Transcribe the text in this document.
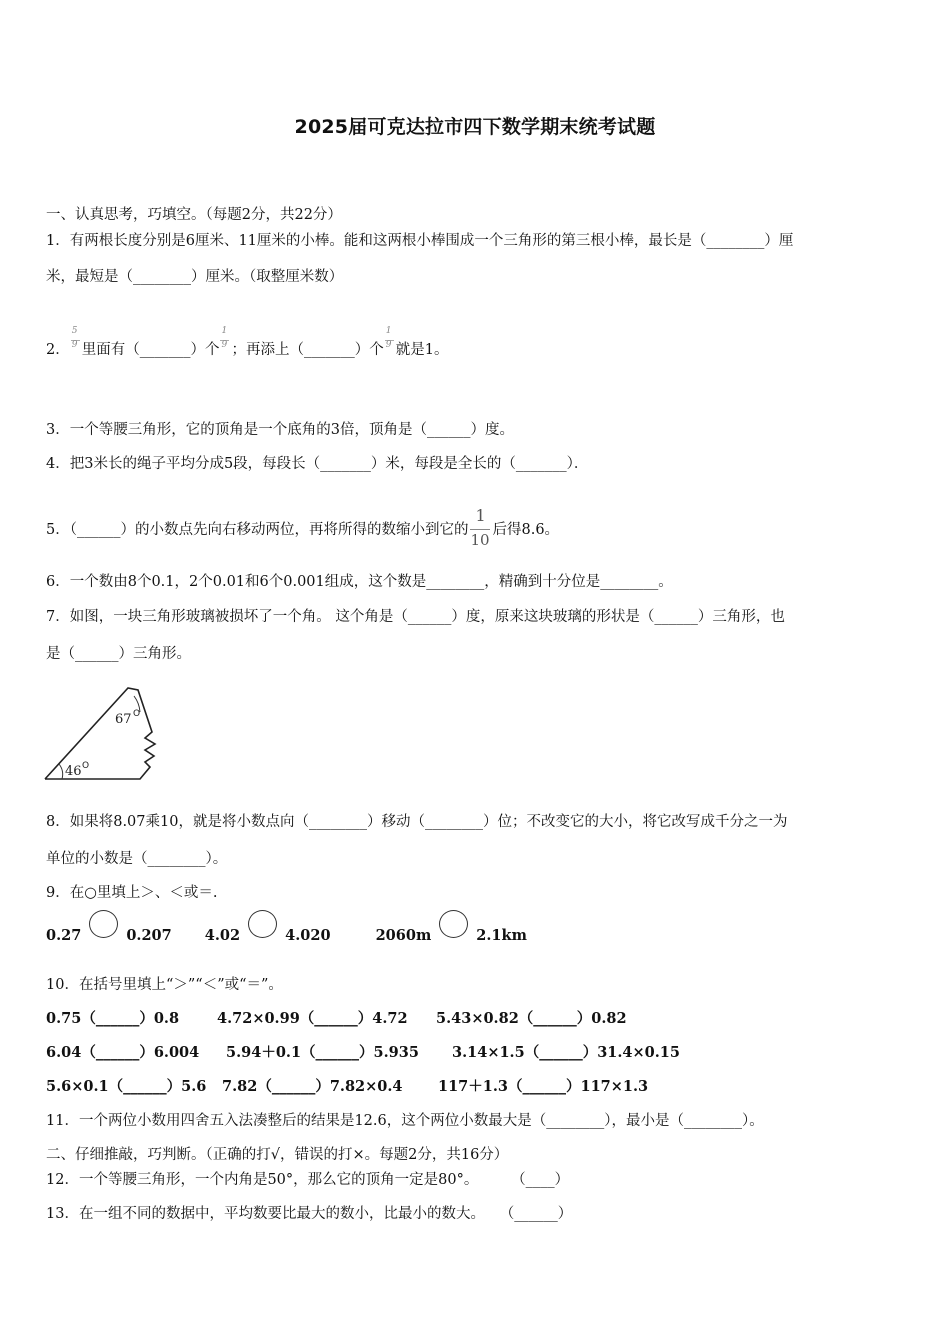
2025届可克达拉市四下数学期末统考试题
一、认真思考，巧填空。（每题2分，共22分）
1．有两根长度分别是6厘米、11厘米的小棒。能和这两根小棒围成一个三角形的第三根小棒，最长是（________）厘
米，最短是（________）厘米。（取整厘米数）
2． $\frac{5}{9}$ 里面有（_______）个 $\frac{1}{9}$ ；再添上（_______）个 $\frac{1}{9}$ 就是1。
3．一个等腰三角形，它的顶角是一个底角的3倍，顶角是（______）度。
4．把3米长的绳子平均分成5段，每段长（_______）米，每段是全长的（_______）．
5．（______）的小数点先向右移动两位，再将所得的数缩小到它的 $\frac{1}{10}$ 后得8.6。
6．一个数由8个0.1，2个0.01和6个0.001组成，这个数是________，精确到十分位是________。
7．如图，一块三角形玻璃被损坏了一个角。 这个角是（______）度，原来这块玻璃的形状是（______）三角形，也
是（______）三角形。
67 O
46 O
8．如果将8.07乘10，就是将小数点向（________）移动（________）位；不改变它的大小，将它改写成千分之一为
单位的小数是（________）。
9．在○里填上＞、＜或＝.
0.27	0.207 4.02	4.020	2060m	2.1km
10．在括号里填上“＞”“＜”或“＝”。
0.75（______）0.8	4.72×0.99（______）4.72 5.43×0.82（______）0.82
6.04（______）6.004 5.94＋0.1（______）5.935 3.14×1.5（______）31.4×0.15
5.6×0.1（______）5.6 7.82（______）7.82×0.4 117＋1.3（______）117×1.3
11．一个两位小数用四舍五入法凑整后的结果是12.6，这个两位小数最大是（________），最小是（________）。
二、仔细推敲，巧判断。（正确的打√，错误的打×。每题2分，共16分）
12．一个等腰三角形，一个内角是50°，那么它的顶角一定是80°。	（____）
13．在一组不同的数据中，平均数要比最大的数小，比最小的数大。 （______）
